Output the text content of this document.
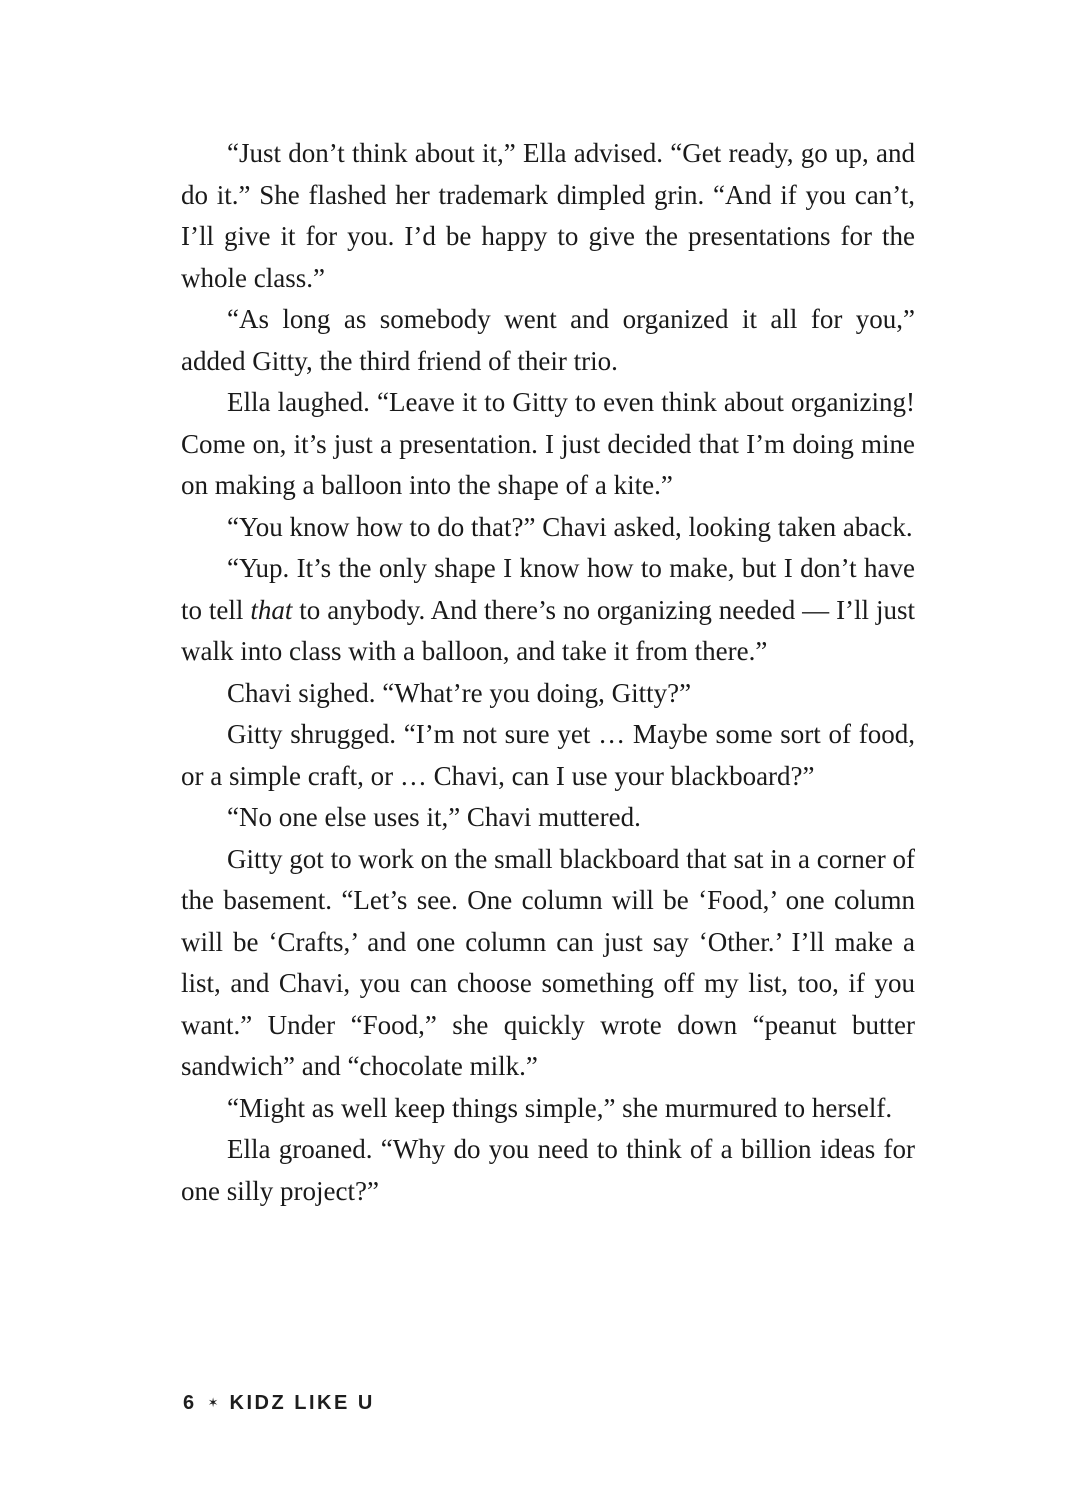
“Just don’t think about it,” Ella advised. “Get ready, go up, and do it.” She flashed her trademark dimpled grin. “And if you can’t, I’ll give it for you. I’d be happy to give the presentations for the whole class.”

“As long as somebody went and organized it all for you,” added Gitty, the third friend of their trio.

Ella laughed. “Leave it to Gitty to even think about organizing! Come on, it’s just a presentation. I just decided that I’m doing mine on making a balloon into the shape of a kite.”

“You know how to do that?” Chavi asked, looking taken aback.

“Yup. It’s the only shape I know how to make, but I don’t have to tell that to anybody. And there’s no organizing needed — I’ll just walk into class with a balloon, and take it from there.”

Chavi sighed. “What’re you doing, Gitty?”

Gitty shrugged. “I’m not sure yet … Maybe some sort of food, or a simple craft, or … Chavi, can I use your blackboard?”

“No one else uses it,” Chavi muttered.

Gitty got to work on the small blackboard that sat in a corner of the basement. “Let’s see. One column will be ‘Food,’ one column will be ‘Crafts,’ and one column can just say ‘Other.’ I’ll make a list, and Chavi, you can choose something off my list, too, if you want.” Under “Food,” she quickly wrote down “peanut butter sandwich” and “chocolate milk.”

“Might as well keep things simple,” she murmured to herself.

Ella groaned. “Why do you need to think of a billion ideas for one silly project?”

6 ✶ KIDZ LIKE U
